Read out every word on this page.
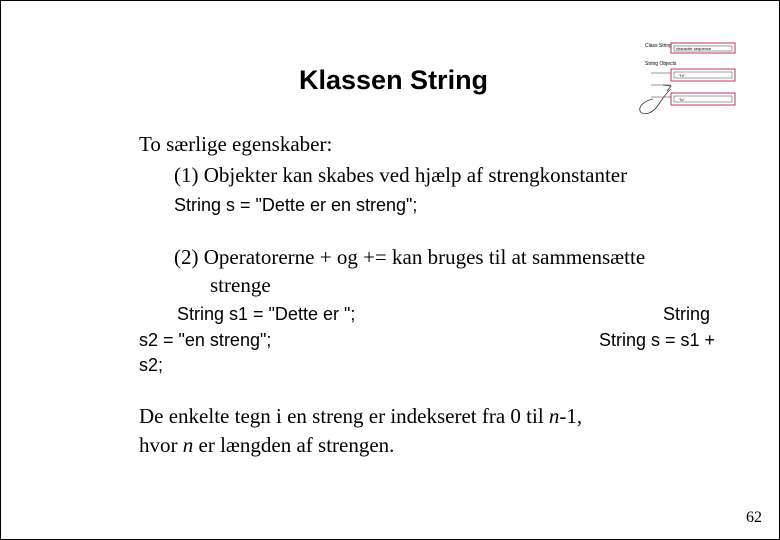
Klassen String
Class String character sequence
String Objects
"hi"
"lo"
To særlige egenskaber:
(1) Objekter kan skabes ved hjælp af strengkonstanter
String s = "Dette er en streng";
(2) Operatorerne + og += kan bruges til at sammensætte
strenge
String s1 = "Dette er ";	String
s2 = "en streng";	String s = s1 +
s2;
De enkelte tegn i en streng er indekseret fra 0 til n-1,
hvor n er længden af strengen.
62
